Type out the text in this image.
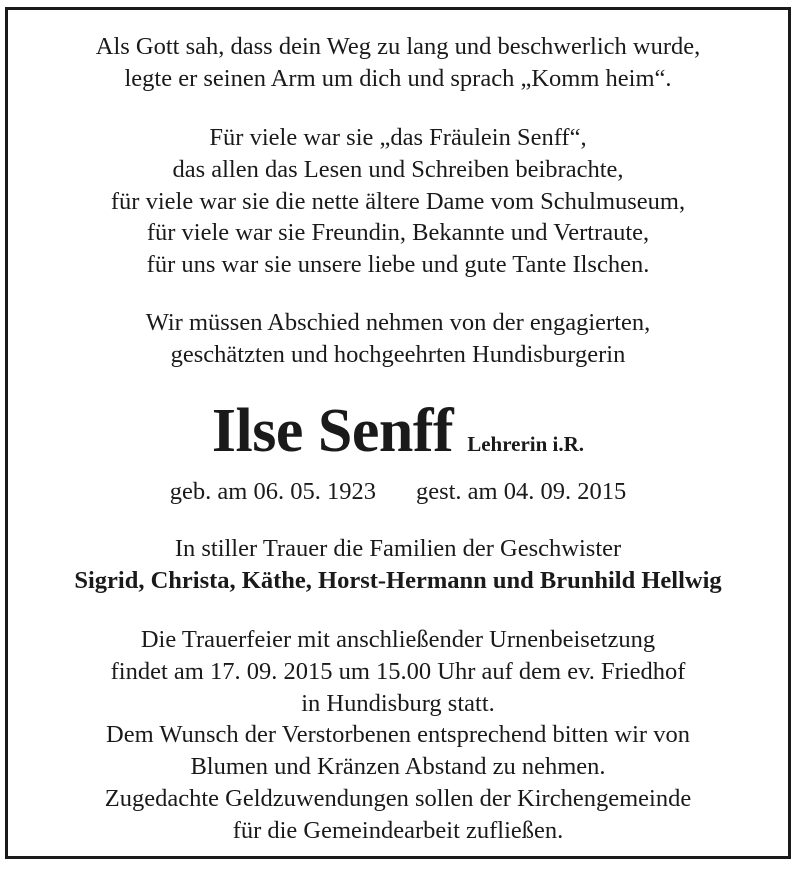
Als Gott sah, dass dein Weg zu lang und beschwerlich wurde,
legte er seinen Arm um dich und sprach „Komm heim“.
Für viele war sie „das Fräulein Senff“,
das allen das Lesen und Schreiben beibrachte,
für viele war sie die nette ältere Dame vom Schulmuseum,
für viele war sie Freundin, Bekannte und Vertraute,
für uns war sie unsere liebe und gute Tante Ilschen.
Wir müssen Abschied nehmen von der engagierten,
geschätzten und hochgeehrten Hundisburgerin
Ilse Senff Lehrerin i.R.
geb. am 06. 05. 1923 gest. am 04. 09. 2015
In stiller Trauer die Familien der Geschwister
Sigrid, Christa, Käthe, Horst-Hermann und Brunhild Hellwig
Die Trauerfeier mit anschließender Urnenbeisetzung
findet am 17. 09. 2015 um 15.00 Uhr auf dem ev. Friedhof
in Hundisburg statt.
Dem Wunsch der Verstorbenen entsprechend bitten wir von
Blumen und Kränzen Abstand zu nehmen.
Zugedachte Geldzuwendungen sollen der Kirchengemeinde
für die Gemeindearbeit zufließen.
